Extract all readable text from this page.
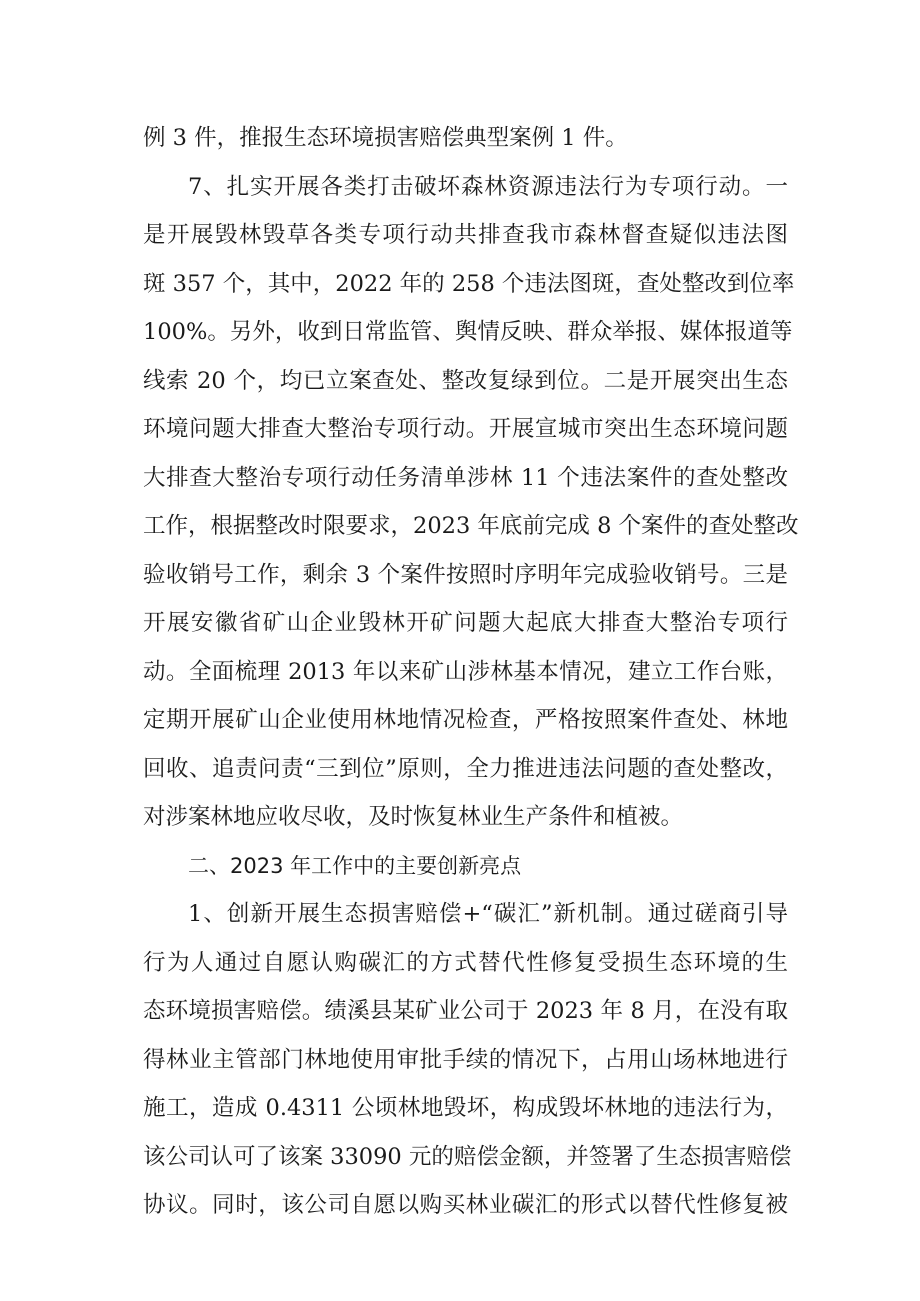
例 3 件，推报生态环境损害赔偿典型案例 1 件。
7、扎实开展各类打击破坏森林资源违法行为专项行动。一
是开展毁林毁草各类专项行动共排查我市森林督查疑似违法图
斑 357 个，其中，2022 年的 258 个违法图斑，查处整改到位率
100%。另外，收到日常监管、舆情反映、群众举报、媒体报道等
线索 20 个，均已立案查处、整改复绿到位。二是开展突出生态
环境问题大排查大整治专项行动。开展宣城市突出生态环境问题
大排查大整治专项行动任务清单涉林 11 个违法案件的查处整改
工作，根据整改时限要求，2023 年底前完成 8 个案件的查处整改
验收销号工作，剩余 3 个案件按照时序明年完成验收销号。三是
开展安徽省矿山企业毁林开矿问题大起底大排查大整治专项行
动。全面梳理 2013 年以来矿山涉林基本情况，建立工作台账，
定期开展矿山企业使用林地情况检查，严格按照案件查处、林地
回收、追责问责“三到位”原则，全力推进违法问题的查处整改，
对涉案林地应收尽收，及时恢复林业生产条件和植被。
二、2023 年工作中的主要创新亮点
1、创新开展生态损害赔偿+“碳汇”新机制。通过磋商引导
行为人通过自愿认购碳汇的方式替代性修复受损生态环境的生
态环境损害赔偿。绩溪县某矿业公司于 2023 年 8 月，在没有取
得林业主管部门林地使用审批手续的情况下，占用山场林地进行
施工，造成 0.4311 公顷林地毁坏，构成毁坏林地的违法行为，
该公司认可了该案 33090 元的赔偿金额，并签署了生态损害赔偿
协议。同时，该公司自愿以购买林业碳汇的形式以替代性修复被
